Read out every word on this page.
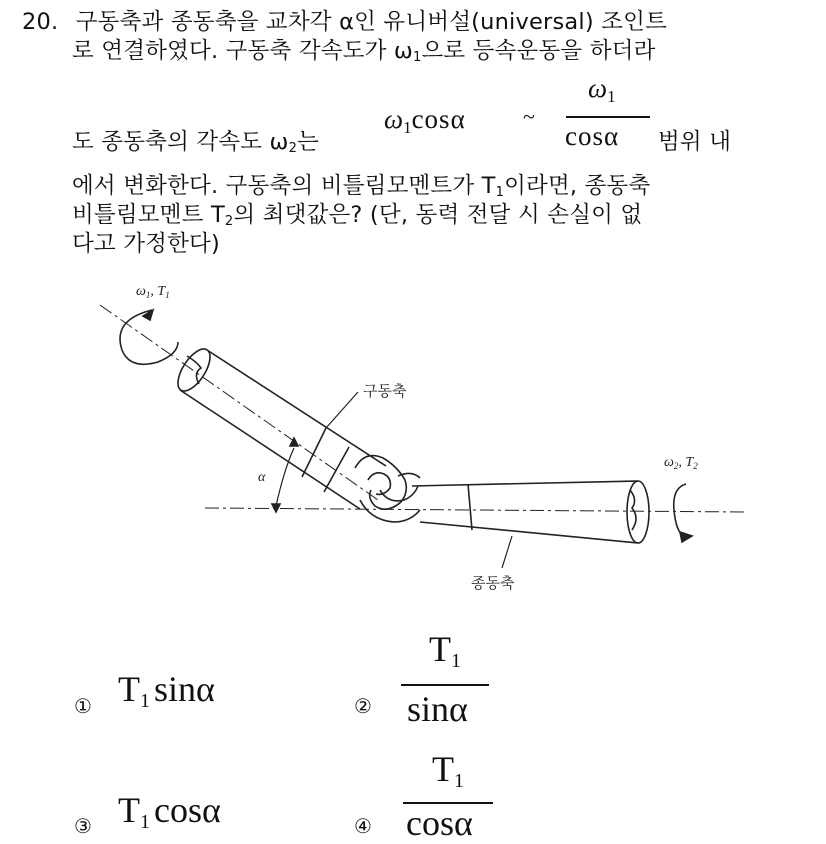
20. 구동축과 종동축을 교차각 α인 유니버설(universal) 조인트
로 연결하였다. 구동축 각속도가 $\omega_1$으로 등속운동을 하더라
도 종동축의 각속도 $\omega_2$는	범위 내
$\omega_1\cos\alpha$	~
$\omega_1$
cosα
에서 변화한다. 구동축의 비틀림모멘트가 $T_1$이라면, 종동축
비틀림모멘트 $T_2$의 최댓값은? (단, 동력 전달 시 손실이 없
다고 가정한다)
구동축
종동축
α
$\omega_1$, $T_1$
$\omega_2$, $T_2$
① $T_1$ sinα	②
$T_1$
sinα
③ $T_1$ cosα	④
$T_1$
cosα
